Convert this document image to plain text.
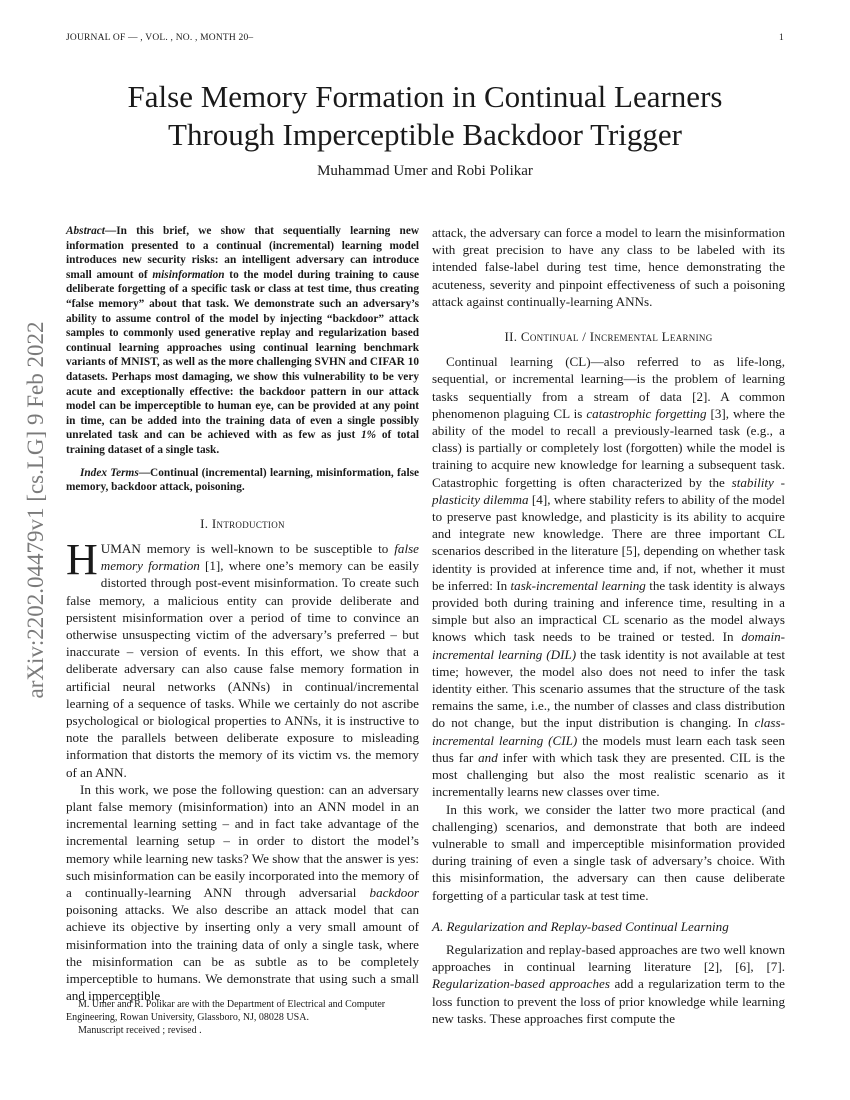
JOURNAL OF — , VOL. , NO. , MONTH 20–	1
False Memory Formation in Continual Learners
Through Imperceptible Backdoor Trigger
Muhammad Umer and Robi Polikar
arXiv:2202.04479v1 [cs.LG] 9 Feb 2022
Abstract—In this brief, we show that sequentially learning new information presented to a continual (incremental) learning model introduces new security risks: an intelligent adversary can introduce small amount of misinformation to the model during training to cause deliberate forgetting of a specific task or class at test time, thus creating “false memory” about that task. We demonstrate such an adversary’s ability to assume control of the model by injecting “backdoor” attack samples to commonly used generative replay and regularization based continual learning approaches using continual learning benchmark variants of MNIST, as well as the more challenging SVHN and CIFAR 10 datasets. Perhaps most damaging, we show this vulnerability to be very acute and exceptionally effective: the backdoor pattern in our attack model can be imperceptible to human eye, can be provided at any point in time, can be added into the training data of even a single possibly unrelated task and can be achieved with as few as just 1% of total training dataset of a single task.
Index Terms—Continual (incremental) learning, misinformation, false memory, backdoor attack, poisoning.
I. Introduction

HUMAN memory is well-known to be susceptible to false memory formation [1], where one’s memory can be easily distorted through post-event misinformation. To create such false memory, a malicious entity can provide deliberate and persistent misinformation over a period of time to convince an otherwise unsuspecting victim of the adversary’s preferred – but inaccurate – version of events. In this effort, we show that a deliberate adversary can also cause false memory formation in artificial neural networks (ANNs) in continual/incremental learning of a sequence of tasks. While we certainly do not ascribe psychological or biological properties to ANNs, it is instructive to note the parallels between deliberate exposure to misleading information that distorts the memory of its victim vs. the memory of an ANN.

In this work, we pose the following question: can an adversary plant false memory (misinformation) into an ANN model in an incremental learning setting – and in fact take advantage of the incremental learning setup – in order to distort the model’s memory while learning new tasks? We show that the answer is yes: such misinformation can be easily incorporated into the memory of a continually-learning ANN through adversarial backdoor poisoning attacks. We also describe an attack model that can achieve its objective by inserting only a very small amount of misinformation into the training data of only a single task, where the misinformation can be as subtle as to be completely imperceptible to humans. We demonstrate that using such a small and imperceptible

attack, the adversary can force a model to learn the misinformation with great precision to have any class to be labeled with its intended false-label during test time, hence demonstrating the acuteness, severity and pinpoint effectiveness of such a poisoning attack against continually-learning ANNs.

II. Continual / Incremental Learning

Continual learning (CL)—also referred to as life-long, sequential, or incremental learning—is the problem of learning tasks sequentially from a stream of data [2]. A common phenomenon plaguing CL is catastrophic forgetting [3], where the ability of the model to recall a previously-learned task (e.g., a class) is partially or completely lost (forgotten) while the model is training to acquire new knowledge for learning a subsequent task. Catastrophic forgetting is often characterized by the stability - plasticity dilemma [4], where stability refers to ability of the model to preserve past knowledge, and plasticity is its ability to acquire and integrate new knowledge. There are three important CL scenarios described in the literature [5], depending on whether task identity is provided at inference time and, if not, whether it must be inferred: In task-incremental learning the task identity is always provided both during training and inference time, resulting in a simple but also an impractical CL scenario as the model always knows which task needs to be trained or tested. In domain-incremental learning (DIL) the task identity is not available at test time; however, the model also does not need to infer the task identity either. This scenario assumes that the structure of the task remains the same, i.e., the number of classes and class distribution do not change, but the input distribution is changing. In class-incremental learning (CIL) the models must learn each task seen thus far and infer with which task they are presented. CIL is the most challenging but also the most realistic scenario as it incrementally learns new classes over time.

In this work, we consider the latter two more practical (and challenging) scenarios, and demonstrate that both are indeed vulnerable to small and imperceptible misinformation provided during training of even a single task of adversary’s choice. With this misinformation, the adversary can then cause deliberate forgetting of a particular task at test time.

A. Regularization and Replay-based Continual Learning

Regularization and replay-based approaches are two well known approaches in continual learning literature [2], [6], [7]. Regularization-based approaches add a regularization term to the loss function to prevent the loss of prior knowledge while learning new tasks. These approaches first compute the

M. Umer and R. Polikar are with the Department of Electrical and Computer Engineering, Rowan University, Glassboro, NJ, 08028 USA.
Manuscript received ; revised .
